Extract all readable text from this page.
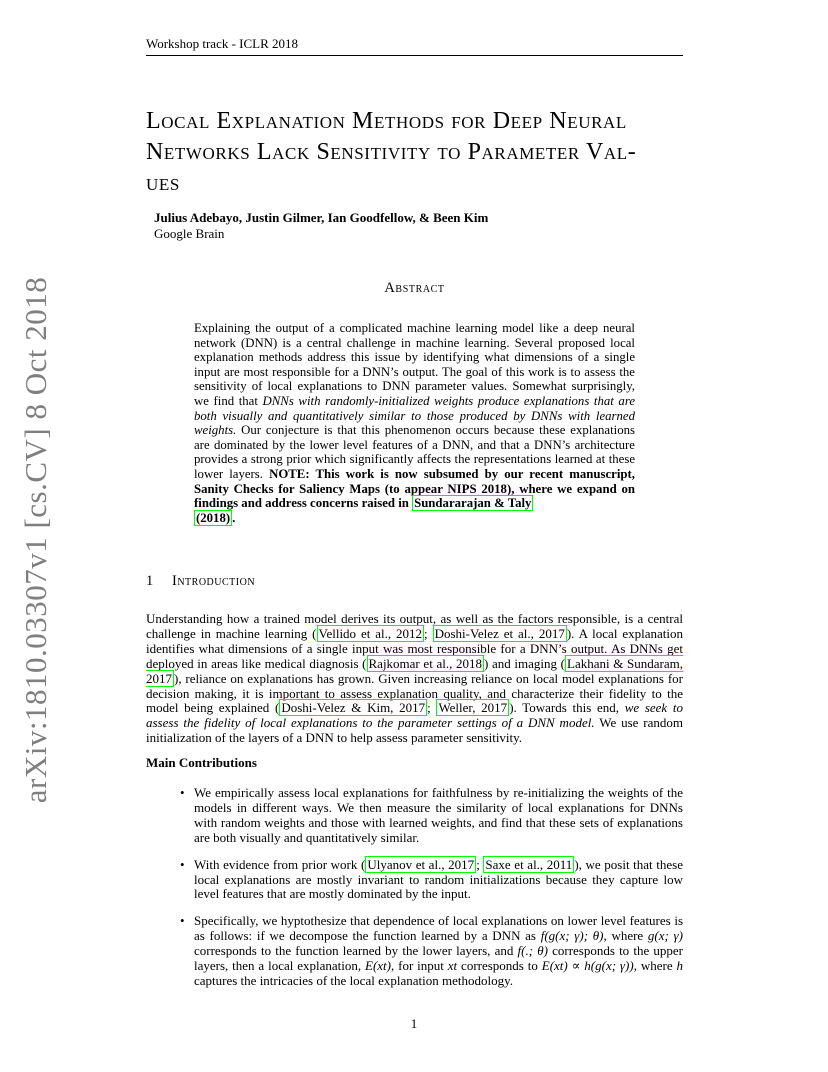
Workshop track - ICLR 2018
arXiv:1810.03307v1 [cs.CV] 8 Oct 2018
Local Explanation Methods for Deep Neural
Networks Lack Sensitivity to Parameter Val-
ues
Julius Adebayo, Justin Gilmer, Ian Goodfellow, & Been Kim
Google Brain
Abstract
Explaining the output of a complicated machine learning model like a deep neural network (DNN) is a central challenge in machine learning. Several proposed local explanation methods address this issue by identifying what dimensions of a single input are most responsible for a DNN’s output. The goal of this work is to assess the sensitivity of local explanations to DNN parameter values. Somewhat surprisingly, we find that DNNs with randomly-initialized weights produce explanations that are both visually and quantitatively similar to those produced by DNNs with learned weights. Our conjecture is that this phenomenon occurs because these explanations are dominated by the lower level features of a DNN, and that a DNN’s architecture provides a strong prior which significantly affects the representations learned at these lower layers. NOTE: This work is now subsumed by our recent manuscript, Sanity Checks for Saliency Maps (to appear NIPS 2018), where we expand on findings and address concerns raised in Sundararajan & Taly
(2018) .
1 Introduction
Understanding how a trained model derives its output, as well as the factors responsible, is a central challenge in machine learning ( Vellido et al., 2012 ; Doshi-Velez et al., 2017 ). A local explanation identifies what dimensions of a single input was most responsible for a DNN’s output. As DNNs get deployed in areas like medical diagnosis ( Rajkomar et al., 2018 ) and imaging ( Lakhani & Sundaram, 2017 ), reliance on explanations has grown. Given increasing reliance on local model explanations for decision making, it is important to assess explanation quality, and characterize their fidelity to the model being explained ( Doshi-Velez & Kim, 2017 ; Weller, 2017 ). Towards this end, we seek to assess the fidelity of local explanations to the parameter settings of a DNN model. We use random initialization of the layers of a DNN to help assess parameter sensitivity.
Main Contributions
• We empirically assess local explanations for faithfulness by re-initializing the weights of the models in different ways. We then measure the similarity of local explanations for DNNs with random weights and those with learned weights, and find that these sets of explanations are both visually and quantitatively similar.
• With evidence from prior work ( Ulyanov et al., 2017 ; Saxe et al., 2011 ), we posit that these local explanations are mostly invariant to random initializations because they capture low level features that are mostly dominated by the input.
• Specifically, we hyptothesize that dependence of local explanations on lower level features is as follows: if we decompose the function learned by a DNN as f(g(x; γ); θ), where g(x; γ) corresponds to the function learned by the lower layers, and f(.; θ) corresponds to the upper layers, then a local explanation, E(xt), for input xt corresponds to E(xt) ∝ h(g(x; γ)), where h captures the intricacies of the local explanation methodology.
1
